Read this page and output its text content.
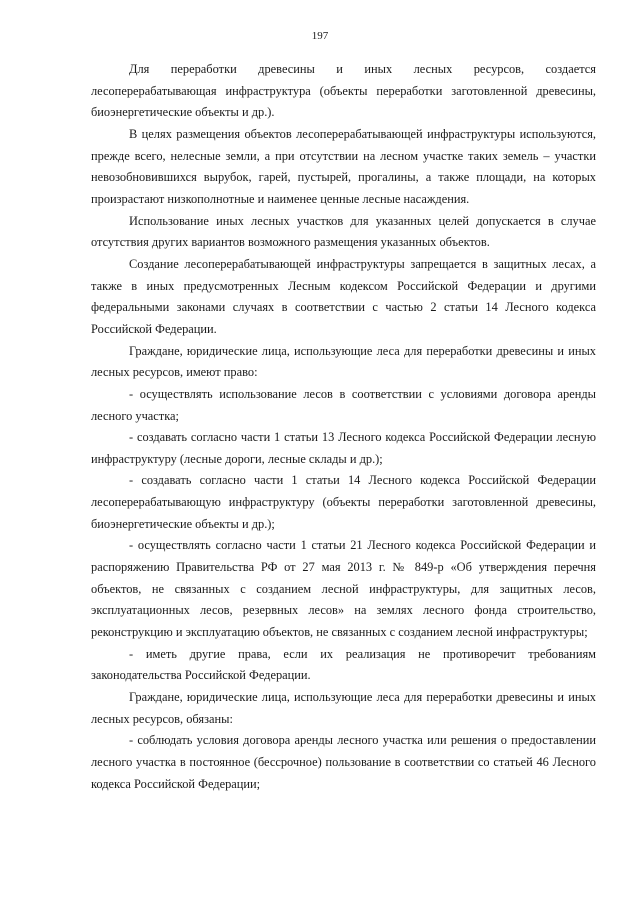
197

Для переработки древесины и иных лесных ресурсов, создается лесоперерабатывающая инфраструктура (объекты переработки заготовленной древесины, биоэнергетические объекты и др.).

В целях размещения объектов лесоперерабатывающей инфраструктуры используются, прежде всего, нелесные земли, а при отсутствии на лесном участке таких земель – участки невозобновившихся вырубок, гарей, пустырей, прогалины, а также площади, на которых произрастают низкополнотные и наименее ценные лесные насаждения.

Использование иных лесных участков для указанных целей допускается в случае отсутствия других вариантов возможного размещения указанных объектов.

Создание лесоперерабатывающей инфраструктуры запрещается в защитных лесах, а также в иных предусмотренных Лесным кодексом Российской Федерации и другими федеральными законами случаях в соответствии с частью 2 статьи 14 Лесного кодекса Российской Федерации.

Граждане, юридические лица, использующие леса для переработки древесины и иных лесных ресурсов, имеют право:

- осуществлять использование лесов в соответствии с условиями договора аренды лесного участка;

- создавать согласно части 1 статьи 13 Лесного кодекса Российской Федерации лесную инфраструктуру (лесные дороги, лесные склады и др.);

- создавать согласно части 1 статьи 14 Лесного кодекса Российской Федерации лесоперерабатывающую инфраструктуру (объекты переработки заготовленной древесины, биоэнергетические объекты и др.);

- осуществлять согласно части 1 статьи 21 Лесного кодекса Российской Федерации и распоряжению Правительства РФ от 27 мая 2013 г. № 849-р «Об утверждения перечня объектов, не связанных с созданием лесной инфраструктуры, для защитных лесов, эксплуатационных лесов, резервных лесов» на землях лесного фонда строительство, реконструкцию и эксплуатацию объектов, не связанных с созданием лесной инфраструктуры;

- иметь другие права, если их реализация не противоречит требованиям законодательства Российской Федерации.

Граждане, юридические лица, использующие леса для переработки древесины и иных лесных ресурсов, обязаны:

- соблюдать условия договора аренды лесного участка или решения о предоставлении лесного участка в постоянное (бессрочное) пользование в соответствии со статьей 46 Лесного кодекса Российской Федерации;
